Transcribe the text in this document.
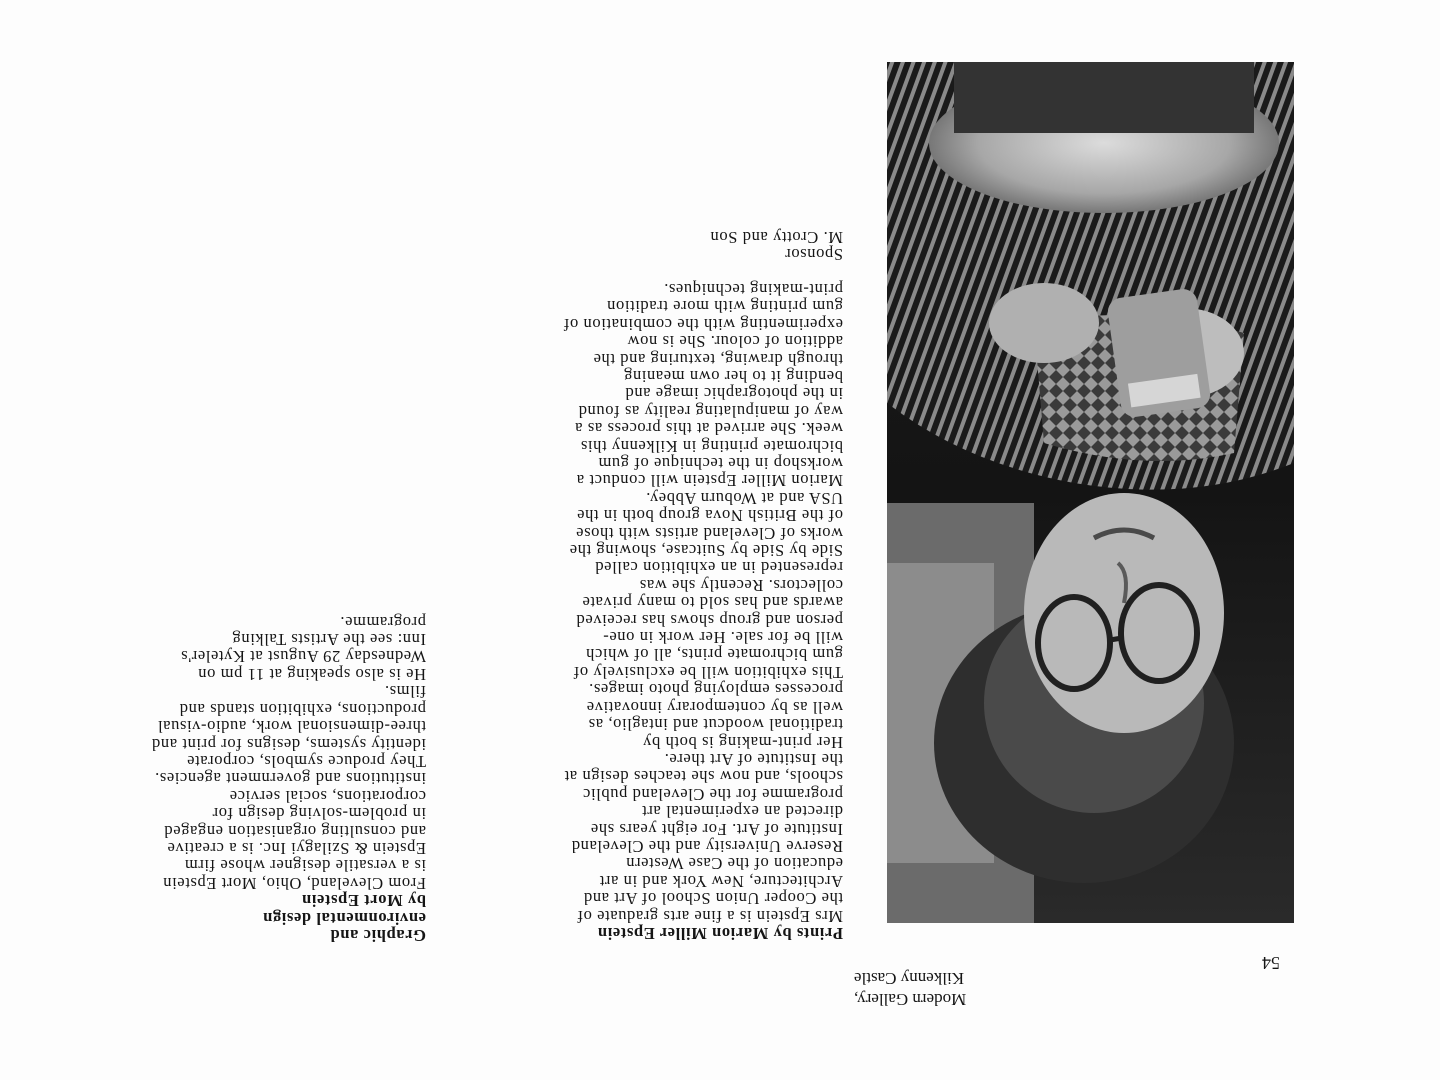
Modern Gallery,
Kilkenny Castle
54

Prints by Marion Miller Epstein

Mrs Epstein is a fine arts graduate of

the Cooper Union School of Art and

Architecture, New York and in art

education of the Case Western

Reserve University and the Cleveland

Institute of Art. For eight years she

directed an experimental art

programme for the Cleveland public

schools, and now she teaches design at

the Institute of Art there.

Her print-making is both by

traditional woodcut and intaglio, as

well as by contemporary innovative

processes employing photo images.

This exhibition will be exclusively of

gum bichromate prints, all of which

will be for sale. Her work in one-

person and group shows has received

awards and has sold to many private

collectors. Recently she was

represented in an exhibition called

Side by Side by Suitcase, showing the

works of Cleveland artists with those

of the British Nova group both in the

USA and at Woburn Abbey.

Marion Miller Epstein will conduct a

workshop in the technique of gum

bichromate printing in Kilkenny this

week. She arrived at this process as a

way of manipulating reality as found

in the photographic image and

bending it to her own meaning

through drawing, texturing and the

addition of colour. She is now

experimenting with the combination of

gum printing with more tradition

print-making techniques.

Sponsor

M. Crotty and Son

Graphic and

environmental design

by Mort Epstein

From Cleveland, Ohio, Mort Epstein

is a versatile designer whose firm

Epstein & Szilagyi Inc. is a creative

and consulting organisation engaged

in problem-solving design for

corporations, social service

institutions and government agencies.

They produce symbols, corporate

identity systems, designs for print and

three-dimensional work, audio-visual

productions, exhibition stands and

films.

He is also speaking at 11 pm on

Wednesday 29 August at Kyteler's

Inn: see the Artists Talking

programme.
